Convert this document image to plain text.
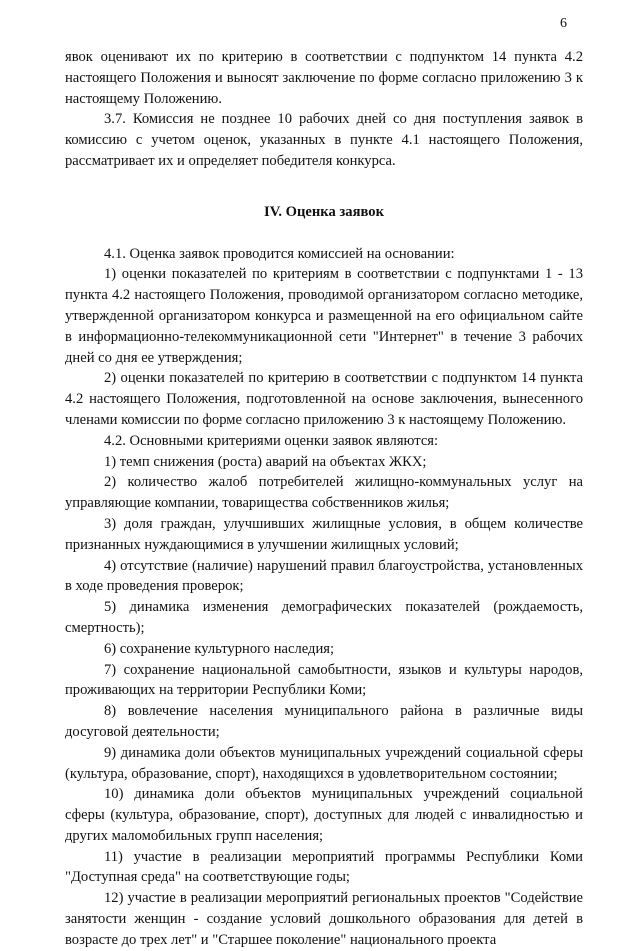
6

явок оценивают их по критерию в соответствии с подпунктом 14 пункта 4.2 настоящего Положения и выносят заключение по форме согласно приложению 3 к настоящему Положению.

3.7. Комиссия не позднее 10 рабочих дней со дня поступления заявок в комиссию с учетом оценок, указанных в пункте 4.1 настоящего Положения, рассматривает их и определяет победителя конкурса.

IV. Оценка заявок

4.1. Оценка заявок проводится комиссией на основании:

1) оценки показателей по критериям в соответствии с подпунктами 1 - 13 пункта 4.2 настоящего Положения, проводимой организатором согласно методике, утвержденной организатором конкурса и размещенной на его официальном сайте в информационно-телекоммуникационной сети "Интернет" в течение 3 рабочих дней со дня ее утверждения;

2) оценки показателей по критерию в соответствии с подпунктом 14 пункта 4.2 настоящего Положения, подготовленной на основе заключения, вынесенного членами комиссии по форме согласно приложению 3 к настоящему Положению.

4.2. Основными критериями оценки заявок являются:

1) темп снижения (роста) аварий на объектах ЖКХ;

2) количество жалоб потребителей жилищно-коммунальных услуг на управляющие компании, товарищества собственников жилья;

3) доля граждан, улучшивших жилищные условия, в общем количестве признанных нуждающимися в улучшении жилищных условий;

4) отсутствие (наличие) нарушений правил благоустройства, установленных в ходе проведения проверок;

5) динамика изменения демографических показателей (рождаемость, смертность);

6) сохранение культурного наследия;

7) сохранение национальной самобытности, языков и культуры народов, проживающих на территории Республики Коми;

8) вовлечение населения муниципального района в различные виды досуговой деятельности;

9) динамика доли объектов муниципальных учреждений социальной сферы (культура, образование, спорт), находящихся в удовлетворительном состоянии;

10) динамика доли объектов муниципальных учреждений социальной сферы (культура, образование, спорт), доступных для людей с инвалидностью и других маломобильных групп населения;

11) участие в реализации мероприятий программы Республики Коми "Доступная среда" на соответствующие годы;

12) участие в реализации мероприятий региональных проектов "Содействие занятости женщин - создание условий дошкольного образования для детей в возрасте до трех лет" и "Старшее поколение" национального проекта
